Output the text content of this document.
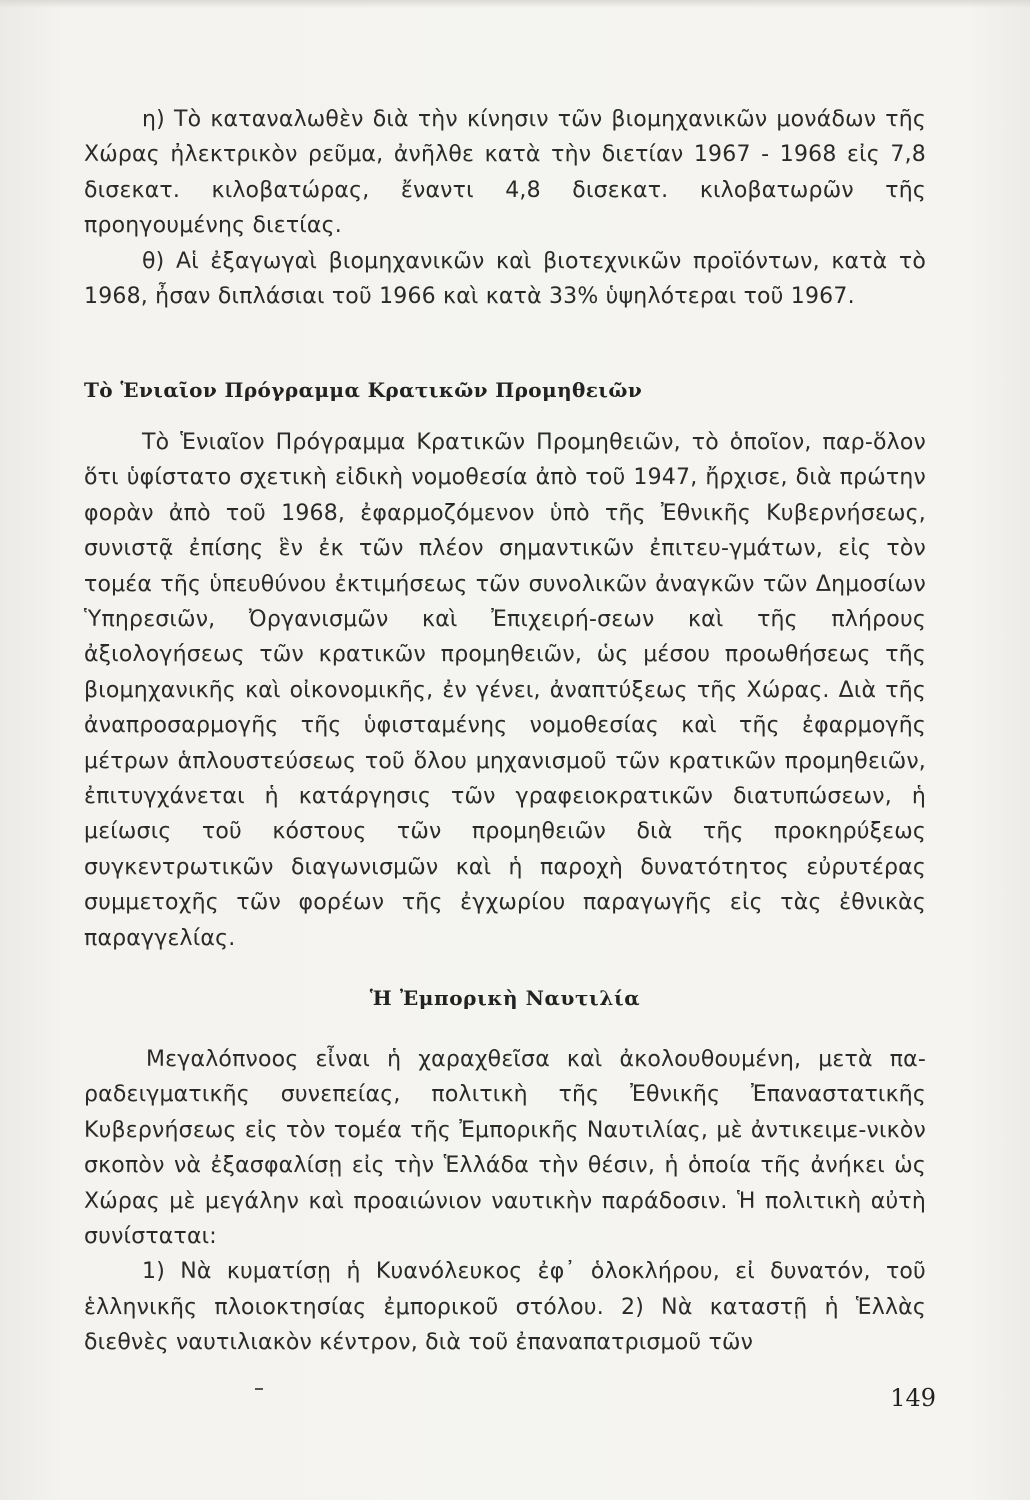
η) Τὸ καταναλωθὲν διὰ τὴν κίνησιν τῶν βιομηχανικῶν μονάδων τῆς Χώρας ἠλεκτρικὸν ρεῦμα, ἀνῆλθε κατὰ τὴν διετίαν 1967 - 1968 εἰς 7,8 δισεκατ. κιλοβατώρας, ἔναντι 4,8 δισεκατ. κιλοβατωρῶν τῆς προηγουμένης διετίας.

θ) Αἱ ἐξαγωγαὶ βιομηχανικῶν καὶ βιοτεχνικῶν προϊόντων, κατὰ τὸ 1968, ἦσαν διπλάσιαι τοῦ 1966 καὶ κατὰ 33% ὑψηλότεραι τοῦ 1967.

Τὸ Ἑνιαῖον Πρόγραμμα Κρατικῶν Προμηθειῶν

Τὸ Ἑνιαῖον Πρόγραμμα Κρατικῶν Προμηθειῶν, τὸ ὁποῖον, παρ-ὅλον ὅτι ὑφίστατο σχετικὴ εἰδικὴ νομοθεσία ἀπὸ τοῦ 1947, ἤρχισε, διὰ πρώτην φορὰν ἀπὸ τοῦ 1968, ἐφαρμοζόμενον ὑπὸ τῆς Ἐθνικῆς Κυβερνήσεως, συνιστᾷ ἐπίσης ἓν ἐκ τῶν πλέον σημαντικῶν ἐπιτευ-γμάτων, εἰς τὸν τομέα τῆς ὑπευθύνου ἐκτιμήσεως τῶν συνολικῶν ἀναγκῶν τῶν Δημοσίων Ὑπηρεσιῶν, Ὀργανισμῶν καὶ Ἐπιχειρή-σεων καὶ τῆς πλήρους ἀξιολογήσεως τῶν κρατικῶν προμηθειῶν, ὡς μέσου προωθήσεως τῆς βιομηχανικῆς καὶ οἰκονομικῆς, ἐν γένει, ἀναπτύξεως τῆς Χώρας. Διὰ τῆς ἀναπροσαρμογῆς τῆς ὑφισταμένης νομοθεσίας καὶ τῆς ἐφαρμογῆς μέτρων ἁπλουστεύσεως τοῦ ὅλου μηχανισμοῦ τῶν κρατικῶν προμηθειῶν, ἐπιτυγχάνεται ἡ κατάργησις τῶν γραφειοκρατικῶν διατυπώσεων, ἡ μείωσις τοῦ κόστους τῶν προμηθειῶν διὰ τῆς προκηρύξεως συγκεντρωτικῶν διαγωνισμῶν καὶ ἡ παροχὴ δυνατότητος εὐρυτέρας συμμετοχῆς τῶν φορέων τῆς ἐγχωρίου παραγωγῆς εἰς τὰς ἐθνικὰς παραγγελίας.

Ἡ Ἐμπορικὴ Ναυτιλία

Μεγαλόπνοος εἶναι ἡ χαραχθεῖσα καὶ ἀκολουθουμένη, μετὰ πα-ραδειγματικῆς συνεπείας, πολιτικὴ τῆς Ἐθνικῆς Ἐπαναστατικῆς Κυβερνήσεως εἰς τὸν τομέα τῆς Ἐμπορικῆς Ναυτιλίας, μὲ ἀντικειμε-νικὸν σκοπὸν νὰ ἐξασφαλίσῃ εἰς τὴν Ἑλλάδα τὴν θέσιν, ἡ ὁποία τῆς ἀνήκει ὡς Χώρας μὲ μεγάλην καὶ προαιώνιον ναυτικὴν παράδοσιν. Ἡ πολιτικὴ αὐτὴ συνίσταται:

1) Νὰ κυματίσῃ ἡ Κυανόλευκος ἐφ᾽ ὁλοκλήρου, εἰ δυνατόν, τοῦ ἑλληνικῆς πλοιοκτησίας ἐμπορικοῦ στόλου. 2) Νὰ καταστῇ ἡ Ἑλλὰς διεθνὲς ναυτιλιακὸν κέντρον, διὰ τοῦ ἐπαναπατρισμοῦ τῶν

149
